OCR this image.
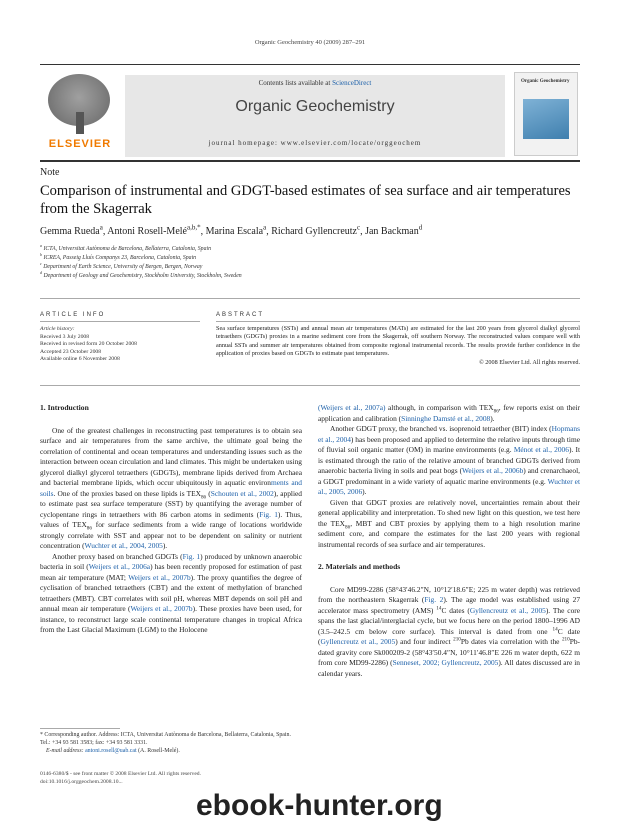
Organic Geochemistry 40 (2009) 287–291
ELSEVIER
Contents lists available at ScienceDirect
Organic Geochemistry
journal homepage: www.elsevier.com/locate/orggeochem
Organic Geochemistry
Note
Comparison of instrumental and GDGT-based estimates of sea surface and air temperatures from the Skagerrak
Gemma Rueda$^a$, Antoni Rosell-Melé$^{a,b,*}$, Marina Escala$^a$, Richard Gyllencreutz$^c$, Jan Backman$^d$
$^a$ ICTA, Universitat Autònoma de Barcelona, Bellaterra, Catalonia, Spain
$^b$ ICREA, Passeig Lluís Companys 23, Barcelona, Catalonia, Spain
$^c$ Department of Earth Science, University of Bergen, Bergen, Norway
$^d$ Department of Geology and Geochemistry, Stockholm University, Stockholm, Sweden
ARTICLE INFO	ABSTRACT
Article history:
Received 3 July 2008
Received in revised form 20 October 2008
Accepted 23 October 2008
Available online 6 November 2008
Sea surface temperatures (SSTs) and annual mean air temperatures (MATs) are estimated for the last 200 years from glycerol dialkyl glycerol tetraethers (GDGTs) proxies in a marine sediment core from the Skagerrak, off southern Norway. The reconstructed values compare well with annual SSTs and summer air temperatures obtained from composite regional instrumental records. The results provide further confidence in the application of proxies based on GDGTs to estimate past temperatures.
© 2008 Elsevier Ltd. All rights reserved.
1. Introduction

One of the greatest challenges in reconstructing past temperatures is to obtain sea surface and air temperatures from the same archive, the ultimate goal being the correlation of continental and ocean temperatures and understanding issues such as the interaction between ocean circulation and land climates. This might be undertaken using glycerol dialkyl glycerol tetraethers (GDGTs), membrane lipids derived from Archaea and bacterial membrane lipids, which occur ubiquitously in aquatic environments and soils. One of the proxies based on these lipids is $TEX_{86}$ (Schouten et al., 2002), applied to estimate past sea surface temperature (SST) by quantifying the average number of cyclopentane rings in tetraethers with 86 carbon atoms in sediments (Fig. 1). Thus, values of $TEX_{86}$ for surface sediments from a wide range of locations worldwide strongly correlate with SST and appear not to be dependent on salinity or nutrient concentration (Wuchter et al., 2004, 2005).

Another proxy based on branched GDGTs (Fig. 1) produced by unknown anaerobic bacteria in soil (Weijers et al., 2006a) has been recently proposed for estimation of past mean air temperature (MAT; Weijers et al., 2007b). The proxy quantifies the degree of cyclisation of branched tetraethers (CBT) and the extent of methylation of branched tetraethers (MBT). CBT correlates with soil pH, whereas MBT depends on soil pH and annual mean air temperature (Weijers et al., 2007b). These proxies have been used, for instance, to reconstruct large scale continental temperature changes in tropical Africa from the Last Glacial Maximum (LGM) to the Holocene

(Weijers et al., 2007a) although, in comparison with $TEX_{86}$, few reports exist on their application and calibration (Sinninghe Damsté et al., 2008).

Another GDGT proxy, the branched vs. isoprenoid tetraether (BIT) index (Hopmans et al., 2004) has been proposed and applied to determine the relative inputs through time of fluvial soil organic matter (OM) in marine environments (e.g. Ménot et al., 2006). It is estimated through the ratio of the relative amount of branched GDGTs derived from anaerobic bacteria living in soils and peat bogs (Weijers et al., 2006b) and crenarchaeol, a GDGT predominant in a wide variety of aquatic marine environments (e.g. Wuchter et al., 2005, 2006).

Given that GDGT proxies are relatively novel, uncertainties remain about their general applicability and interpretation. To shed new light on this question, we test here the $TEX_{86}$, MBT and CBT proxies by applying them to a high resolution marine sediment core, and compare the estimates for the last 200 years with regional instrumental records of sea surface and air temperatures.

2. Materials and methods

Core MD99-2286 (58°43′46.2″N, 10°12′18.6″E; 225 m water depth) was retrieved from the northeastern Skagerrak (Fig. 2). The age model was established using 27 accelerator mass spectrometry (AMS) $^{14}$C dates (Gyllencreutz et al., 2005). The core spans the last glacial/interglacial cycle, but we focus here on the period 1800–1996 AD (3.5–242.5 cm below core surface). This interval is dated from one $^{14}$C date (Gyllencreutz et al., 2005) and four indirect $^{210}$Pb dates via correlation with the $^{210}$Pb-dated gravity core Sk000209-2 (58°43′50.4″N, 10°11′46.8″E 226 m water depth, 622 m from core MD99-2286) (Senneset, 2002; Gyllencreutz, 2005). All dates discussed are in calendar years.

* Corresponding author. Address: ICTA, Universitat Autònoma de Barcelona, Bellaterra, Catalonia, Spain. Tel.: +34 93 581 3583; fax: +34 93 581 3331.
E-mail address: antoni.rosell@uab.cat (A. Rosell-Melé).
0146-6380/$ - see front matter © 2008 Elsevier Ltd. All rights reserved.
doi:10.1016/j.orggeochem.2008.10...
ebook-hunter.org
